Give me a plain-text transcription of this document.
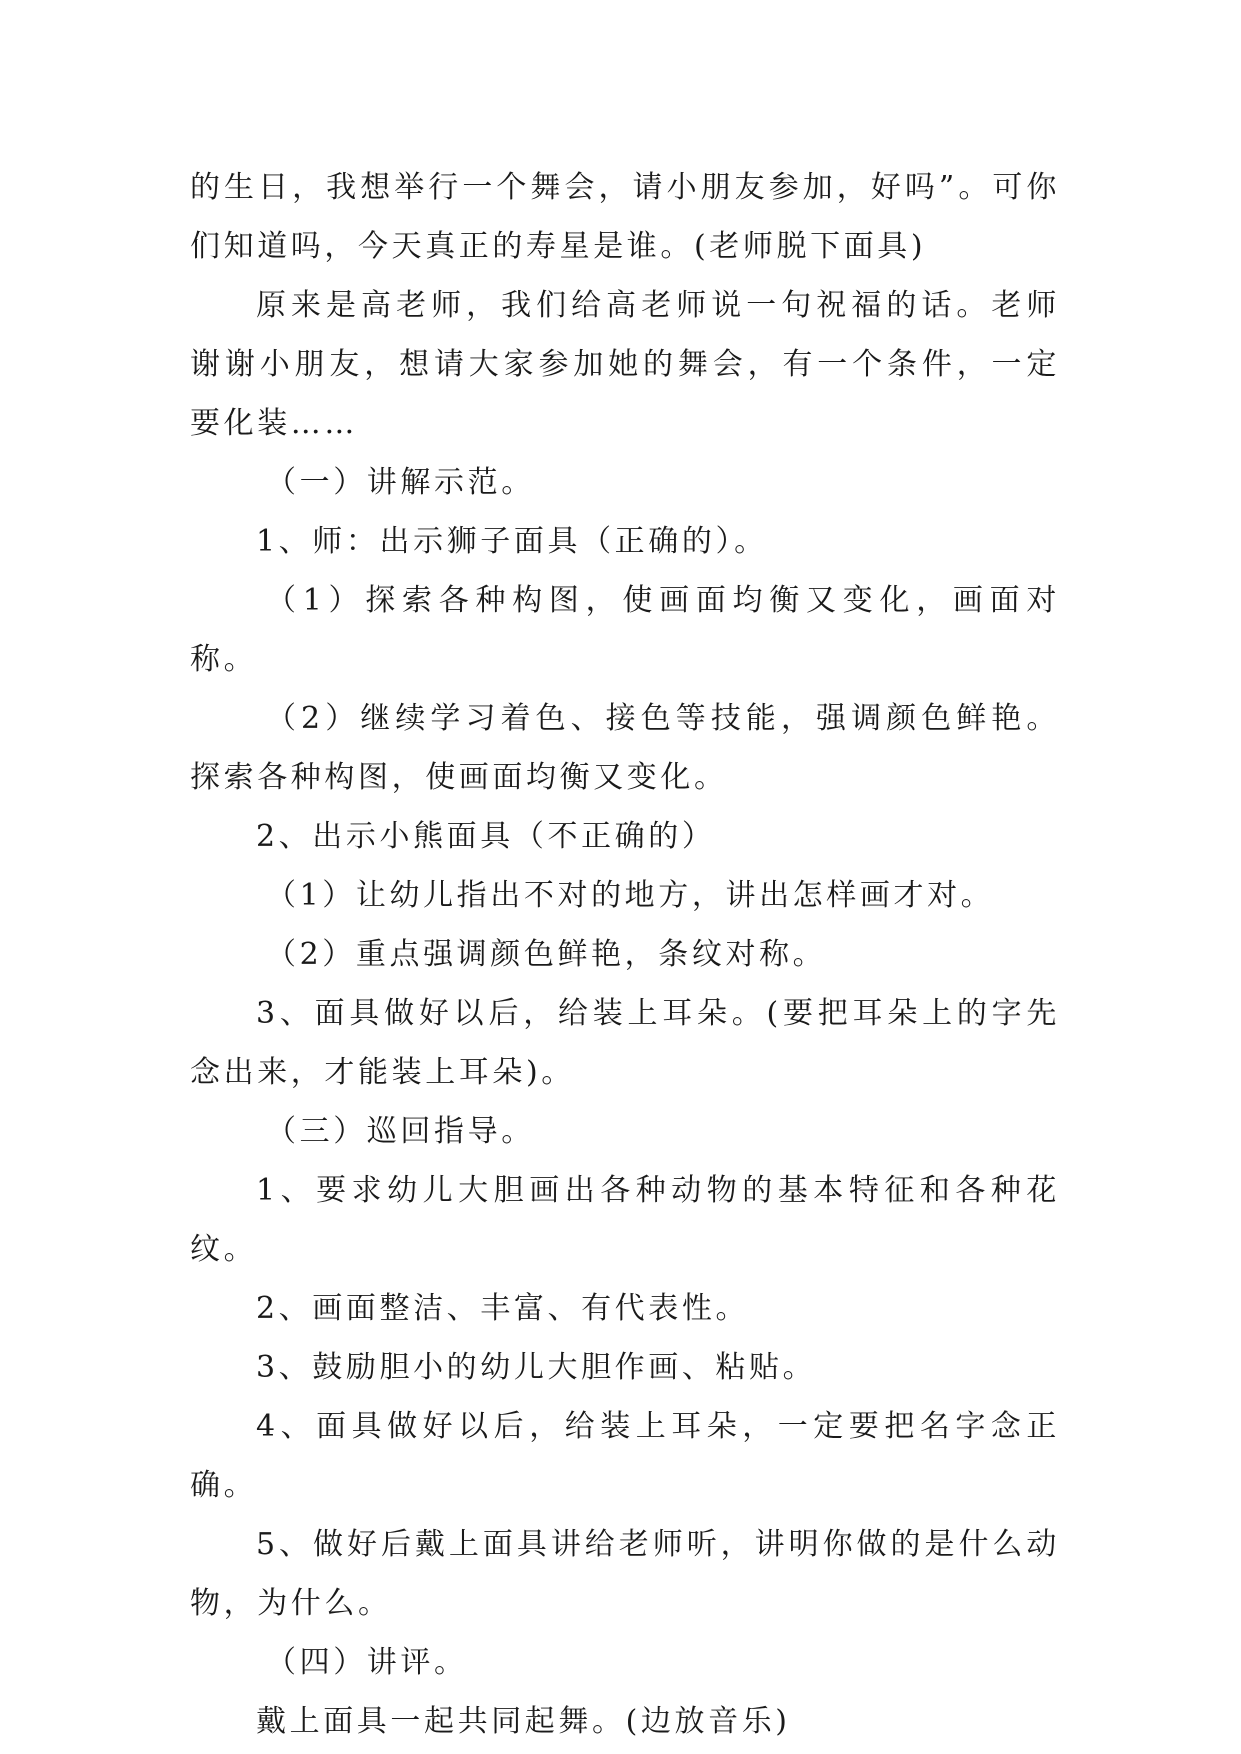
的生日，我想举行一个舞会，请小朋友参加，好吗”。可你们知道吗，今天真正的寿星是谁。(老师脱下面具)

原来是高老师，我们给高老师说一句祝福的话。老师谢谢小朋友，想请大家参加她的舞会，有一个条件，一定要化装……

（一）讲解示范。

1、师：出示狮子面具（正确的）。

（1）探索各种构图，使画面均衡又变化，画面对称。

（2）继续学习着色、接色等技能，强调颜色鲜艳。探索各种构图，使画面均衡又变化。

2、出示小熊面具（不正确的）

（1）让幼儿指出不对的地方，讲出怎样画才对。

（2）重点强调颜色鲜艳，条纹对称。

3、面具做好以后，给装上耳朵。(要把耳朵上的字先念出来，才能装上耳朵)。

（三）巡回指导。

1、要求幼儿大胆画出各种动物的基本特征和各种花纹。

2、画面整洁、丰富、有代表性。

3、鼓励胆小的幼儿大胆作画、粘贴。

4、面具做好以后，给装上耳朵，一定要把名字念正确。

5、做好后戴上面具讲给老师听，讲明你做的是什么动物，为什么。

（四）讲评。

戴上面具一起共同起舞。(边放音乐)
